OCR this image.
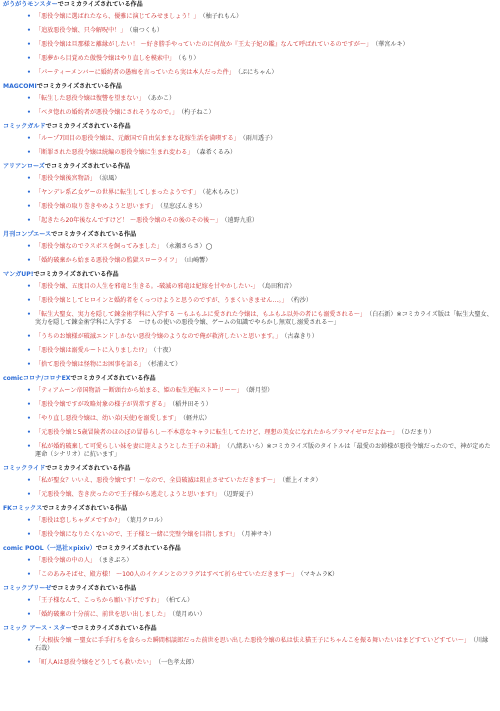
がうがうモンスターでコミカライズされている作品
• 「悪役令嬢に選ばれたなら、優雅に演じてみせましょう！」　 （柚子れもん）
• 「追放悪役令嬢、只今解呪中！」　 （扇つくも）
• 「悪役令嬢は旦那様と離縁がしたい！ ～好き勝手やっていたのに何故か『王太子妃の鑑』なんて呼ばれているのですが～」　 （華宮ルキ）
• 「悪夢から目覚めた傲慢令嬢はやり直しを模索中」　 （もり）
• 「パーティーメンバーに婚約者の愚痴を言っていたら実は本人だった件」　 （ぷにちゃん）
MAGCOMIでコミカライズされている作品
• 「転生した悪役令嬢は復讐を望まない」　 （あかこ）
• 「ベタ惚れの婚約者が悪役令嬢にされそうなので。」　 （杓子ねこ）
コミックガルドでコミカライズされている作品
• 「ループ7回目の悪役令嬢は、元敵国で自由気ままな花嫁生活を満喫する」　 （雨川透子）
• 「断罪された悪役令嬢は続編の悪役令嬢に生まれ変わる」　 （森希くるみ）
アリアンローズでコミカライズされている作品
• 「悪役令嬢後宮物語」　 （涼風）
• 「ヤンデレ系乙女ゲーの世界に転生してしまったようです」　 （花木もみじ）
• 「悪役令嬢の取り巻きやめようと思います」　 （星窓ぽんきち）
• 「起きたら20年後なんですけど！ ～悪役令嬢のその後のその後～」　 （遠野九重）
月刊コンプエースでコミカライズされている作品
• 「悪役令嬢なのでラスボスを飼ってみました」　 （永瀬さらさ）◯
• 「婚約破棄から始まる悪役令嬢の監獄スローライフ」　 （山崎響）
マンガUP!でコミカライズされている作品
• 「悪役令嬢、五度目の人生を邪竜と生きる。-破滅の邪竜は妃嫁を甘やかしたい-」　 （島田和音）
• 「悪役令嬢としてヒロインと婚約者をくっつけようと思うのですが、うまくいきません…。」　 （杓沙）
• 「転生大聖女、実力を隠して錬金術学科に入学する ～もふもふに愛された令嬢は、もふもふ以外の者にも溺愛される～」　 （白石新）※コミカライズ版は「転生大聖女、実力を隠して錬金術学科に入学する　～けもの使いの悪役令嬢、ゲームの知識でやらかし無双し溺愛される～」
• 「うちのお嬢様が破滅エンドしかない悪役令嬢のようなので俺が救済したいと思います。」　 （古森きり）
• 「悪役令嬢は溺愛ルートに入りました!?」　 （十夜）
• 「捨て悪役令嬢は怪物にお困事を語る」　 （杉浦えて）
comicコロナ/コロナEXでコミカライズされている作品
• 「ティアムーン帝国物語 ～断頭台から始まる、姫の転生逆転ストーリー～」　 （餅月望）
• 「悪役令嬢ですが攻略対象の様子が異常すぎる」　 （稲井田そう）
• 「やり直し悪役令嬢は、幼い弟(天使)を溺愛します」　 （軽井広）
• 「元悪役令嬢と5歳冒険者のほのぼの冒暮らし～不本意なキャラに転生してたけど、理想の美女になれたからブラマイゼロだよね～」　 （ひだまり）
• 「私が婚約破棄して可愛らしい妹を妻に迎えようとした王子の末路」　 （八緒あいら）※コミカライズ版のタイトルは「最愛のお姉様が悪役令嬢だったので、神が定めた運命（シナリオ）に抗います」
コミックライドでコミカライズされている作品
• 「私が聖女？いいえ、悪役令嬢です！～なので、全員破滅は阻止させていただきます～」　 （藍上イオタ）
• 「元悪役令嬢、巻き戻ったので王子様から逃走しようと思います!」　 （辺野夏子）
FKコミックスでコミカライズされている作品
• 「悪役は恋しちゃダメですか?」　 （葉月クロル）
• 「悪役令嬢になりたくないので、王子様と一緒に完璧令嬢を目指します!」　 （月神サキ）
comic POOL（一迅社×pixiv）でコミカライズされている作品
• 「悪役令嬢の中の人」　 （まきぶろ）
• 「このあみそばせ、殿方様！ ～100人のイケメンとのフラグはすべて折らせていただきます～」　 （マキムラK）
コミックブリーゼでコミカライズされている作品
• 「王子様なんて、こっちから願い下げですわ」　 （柏てん）
• 「婚約破棄の十分前に、前世を思い出しました」　 （葉月めい）
コミック アース・スターでコミカライズされている作品
• 「大根抜令嬢 ～聖女に手手打ちを食らった瞬間相談郎だった前世を思い出した悪役令嬢の私は怯え猫王子にちゃんこを振る舞いたいはまどすていどすてい～」　 （川縁石哉）
• 「町人Aは悪役令嬢をどうしても救いたい」　 （一色孝太郎）
